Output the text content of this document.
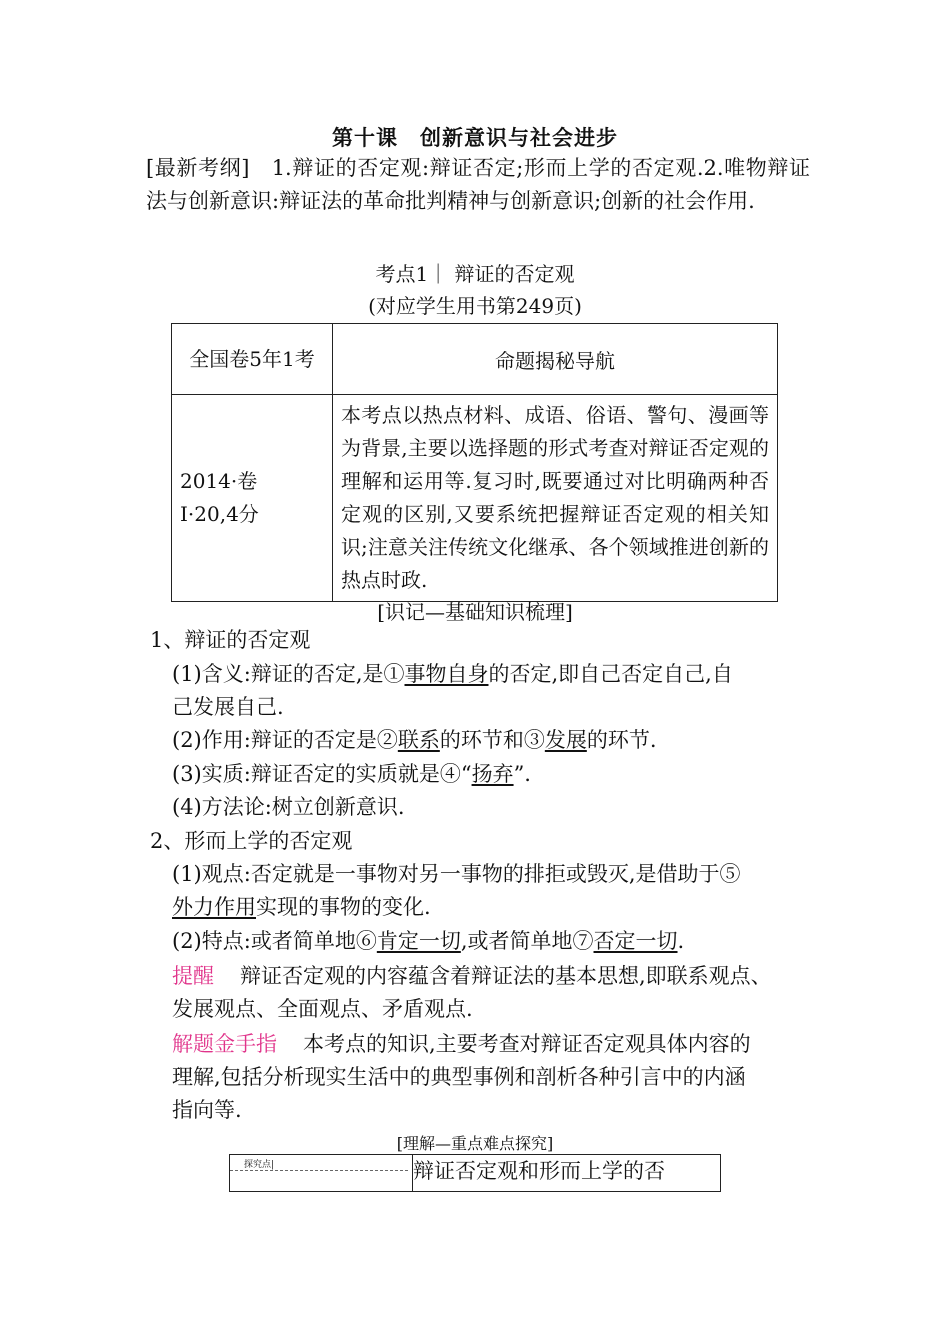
第十课　创新意识与社会进步
[最新考纲]　1.辩证的否定观:辩证否定;形而上学的否定观.2.唯物辩证法与创新意识:辩证法的革命批判精神与创新意识;创新的社会作用.
考点1｜ 辩证的否定观
(对应学生用书第249页)
全国卷5年1考	命题揭秘导航

2014·卷
Ⅰ·20,4分	本考点以热点材料、成语、俗语、警句、漫画等为背景,主要以选择题的形式考查对辩证否定观的理解和运用等.复习时,既要通过对比明确两种否定观的区别,又要系统把握辩证否定观的相关知识;注意关注传统文化继承、各个领域推进创新的热点时政.
[识记—基础知识梳理]
1、辩证的否定观
(1)含义:辩证的否定,是①事物自身的否定,即自己否定自己,自
己发展自己.
(2)作用:辩证的否定是②联系的环节和③发展的环节.
(3)实质:辩证否定的实质就是④“扬弃”.
(4)方法论:树立创新意识.
2、形而上学的否定观
(1)观点:否定就是一事物对另一事物的排拒或毁灭,是借助于⑤
外力作用实现的事物的变化.
(2)特点:或者简单地⑥肯定一切,或者简单地⑦否定一切.
提醒 辩证否定观的内容蕴含着辩证法的基本思想,即联系观点、
发展观点、全面观点、矛盾观点.
解题金手指 本考点的知识,主要考查对辩证否定观具体内容的
理解,包括分析现实生活中的典型事例和剖析各种引言中的内涵
指向等.
[理解—重点难点探究]
探究点|	辩证否定观和形而上学的否
